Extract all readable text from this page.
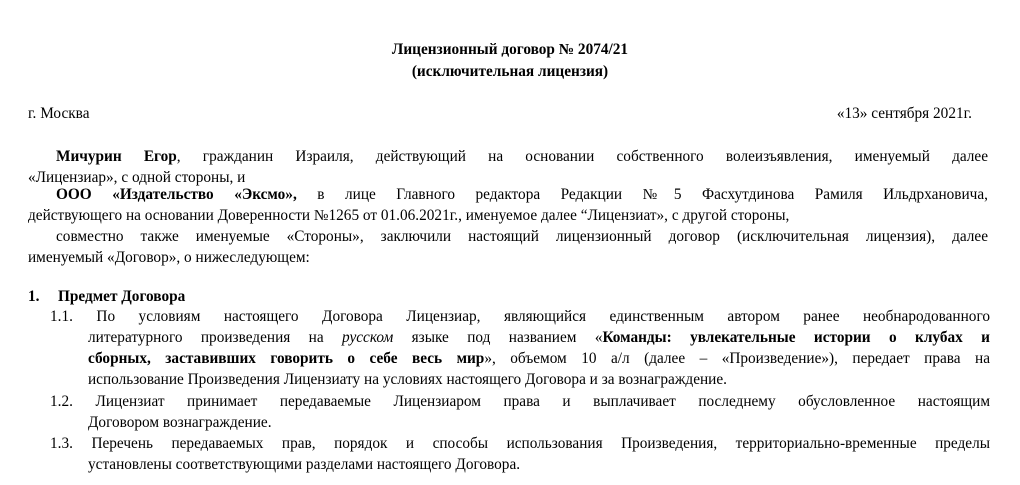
Лицензионный договор № 2074/21
(исключительная лицензия)
г. Москва	«13» сентября 2021г.
Мичурин Егор, гражданин Израиля, действующий на основании собственного волеизъявления, именуемый далее
«Лицензиар», с одной стороны, и
ООО «Издательство «Эксмо», в лице Главного редактора Редакции №5 Фасхутдинова Рамиля Ильдрхановича,
действующего на основании Доверенности №1265 от 01.06.2021г., именуемое далее “Лицензиат», с другой стороны,
совместно также именуемые «Стороны», заключили настоящий лицензионный договор (исключительная лицензия), далее
именуемый «Договор», о нижеследующем:
1. Предмет Договора
1.1. По условиям настоящего Договора Лицензиар, являющийся единственным автором ранее необнародованного
литературного произведения на русском языке под названием «Команды: увлекательные истории о клубах и
сборных, заставивших говорить о себе весь мир», объемом 10 а/л (далее – «Произведение»), передает права на
использование Произведения Лицензиату на условиях настоящего Договора и за вознаграждение.
1.2. Лицензиат принимает передаваемые Лицензиаром права и выплачивает последнему обусловленное настоящим
Договором вознаграждение.
1.3. Перечень передаваемых прав, порядок и способы использования Произведения, территориально-временные пределы
установлены соответствующими разделами настоящего Договора.
